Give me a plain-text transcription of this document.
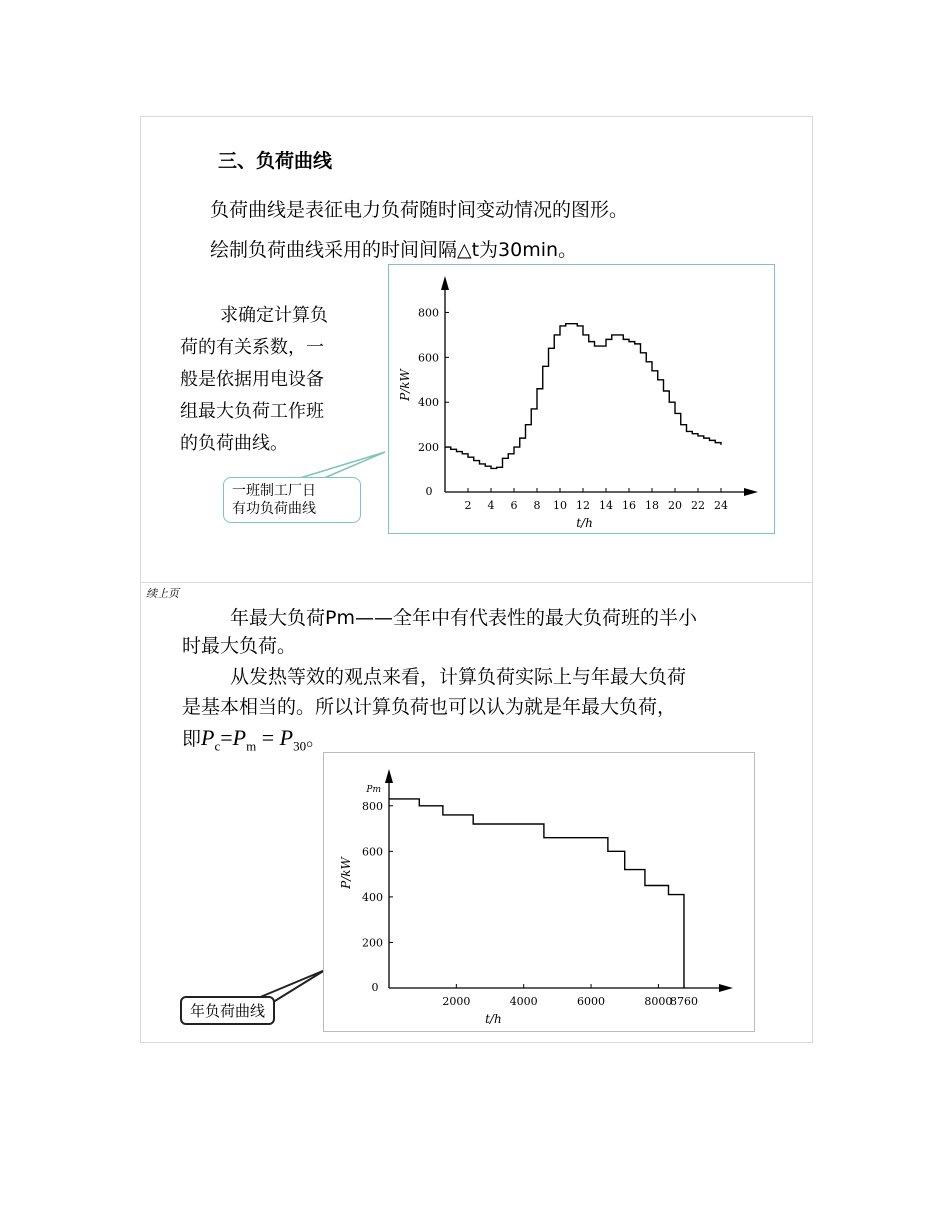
三、负荷曲线
负荷曲线是表征电力负荷随时间变动情况的图形。
绘制负荷曲线采用的时间间隔△t为30min。
求确定计算负
荷的有关系数，一
般是依据用电设备
组最大负荷工作班
的负荷曲线。
2 4 6 8 10 12 14 16 18 20 22 24
0
200
400
600
800
P/kW
t/h
一班制工厂日
有功负荷曲线
续上页
年最大负荷Pm——全年中有代表性的最大负荷班的半小
时最大负荷。
从发热等效的观点来看，计算负荷实际上与年最大负荷
是基本相当的。所以计算负荷也可以认为就是年最大负荷，
即$P_c=P_m = P_{30}$。
2000	4000	6000	8000
8760
0
200
400
600
800
P/kW
t/h
Pm
年负荷曲线
